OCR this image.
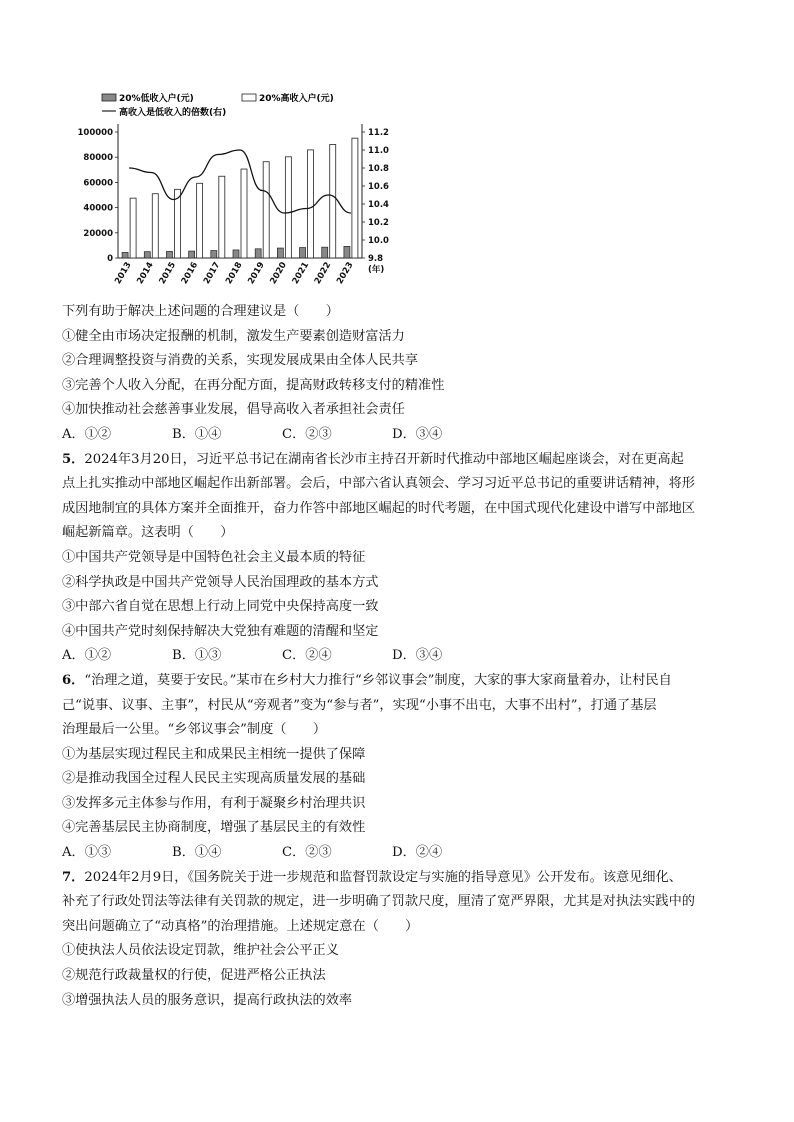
20%低收入户(元)	20%高收入户(元)
高收入是低收入的倍数(右)
0
20000
40000
60000
80000
100000
9.8
10.0
10.2
10.4
10.6
10.8
11.0
11.2
2013 2014 2015 2016 2017 2018 2019 2020 2021 2022 2023 (年)
下列有助于解决上述问题的合理建议是（　　）
①健全由市场决定报酬的机制，激发生产要素创造财富活力
②合理调整投资与消费的关系，实现发展成果由全体人民共享
③完善个人收入分配，在再分配方面，提高财政转移支付的精准性
④加快推动社会慈善事业发展，倡导高收入者承担社会责任
A．①②	B．①④	C．②③	D．③④
5．2024年3月20日，习近平总书记在湖南省长沙市主持召开新时代推动中部地区崛起座谈会，对在更高起
点上扎实推动中部地区崛起作出新部署。会后，中部六省认真领会、学习习近平总书记的重要讲话精神，将形
成因地制宜的具体方案并全面推开，奋力作答中部地区崛起的时代考题，在中国式现代化建设中谱写中部地区
崛起新篇章。这表明（　　）
①中国共产党领导是中国特色社会主义最本质的特征
②科学执政是中国共产党领导人民治国理政的基本方式
③中部六省自觉在思想上行动上同党中央保持高度一致
④中国共产党时刻保持解决大党独有难题的清醒和坚定
A．①②	B．①③	C．②④	D．③④
6．“治理之道，莫要于安民。”某市在乡村大力推行“乡邻议事会”制度，大家的事大家商量着办，让村民自
己“说事、议事、主事”，村民从“旁观者”变为“参与者”，实现“小事不出屯，大事不出村”，打通了基层
治理最后一公里。“乡邻议事会”制度（　　）
①为基层实现过程民主和成果民主相统一提供了保障
②是推动我国全过程人民民主实现高质量发展的基础
③发挥多元主体参与作用，有利于凝聚乡村治理共识
④完善基层民主协商制度，增强了基层民主的有效性
A．①③	B．①④	C．②③	D．②④
7．2024年2月9日，《国务院关于进一步规范和监督罚款设定与实施的指导意见》公开发布。该意见细化、
补充了行政处罚法等法律有关罚款的规定，进一步明确了罚款尺度，厘清了宽严界限，尤其是对执法实践中的
突出问题确立了“动真格”的治理措施。上述规定意在（　　）
①使执法人员依法设定罚款，维护社会公平正义
②规范行政裁量权的行使，促进严格公正执法
③增强执法人员的服务意识，提高行政执法的效率
